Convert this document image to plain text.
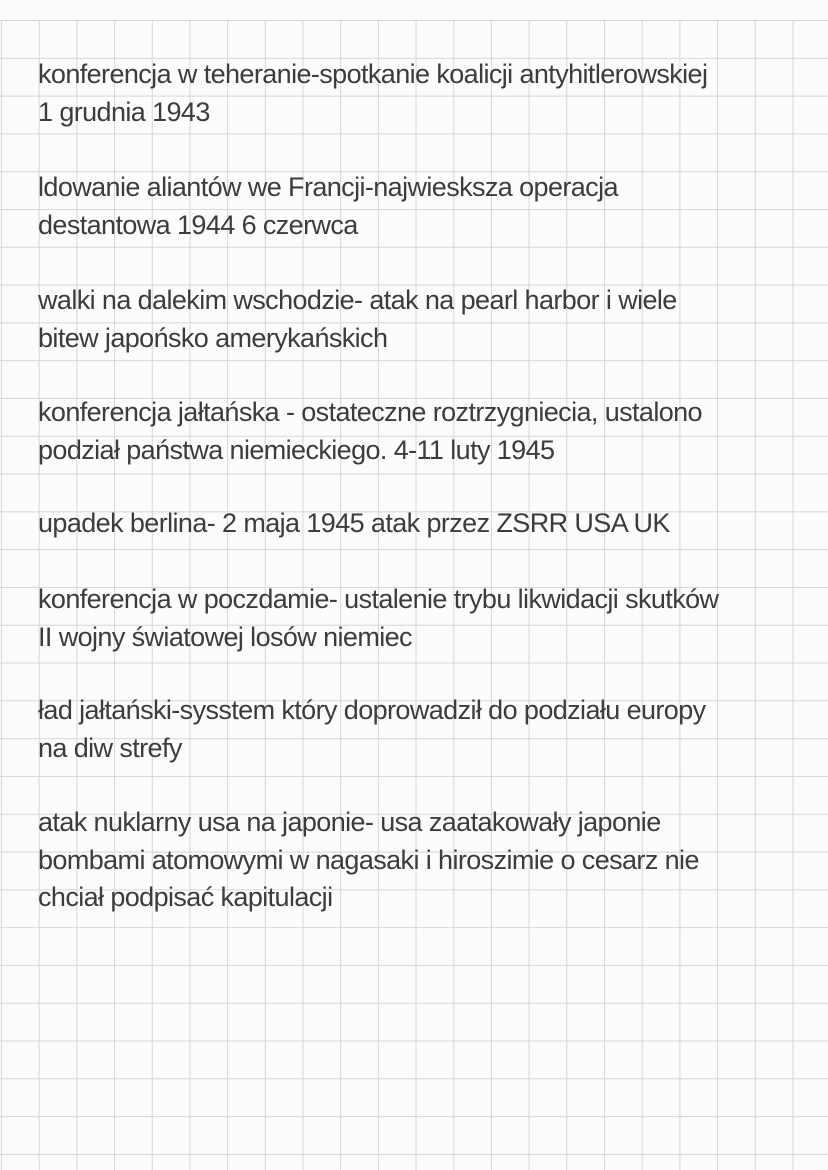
konferencja w teheranie-spotkanie koalicji antyhitlerowskiej
1 grudnia 1943
ldowanie aliantów we Francji-najwiesksza operacja
destantowa 1944 6 czerwca
walki na dalekim wschodzie- atak na pearl harbor i wiele
bitew japońsko amerykańskich
konferencja jałtańska - ostateczne roztrzygniecia, ustalono
podział państwa niemieckiego. 4-11 luty 1945
upadek berlina- 2 maja 1945 atak przez ZSRR USA UK
konferencja w poczdamie- ustalenie trybu likwidacji skutków
II wojny światowej losów niemiec
ład jałtański-sysstem który doprowadził do podziału europy
na diw strefy
atak nuklarny usa na japonie- usa zaatakowały japonie
bombami atomowymi w nagasaki i hiroszimie o cesarz nie
chciał podpisać kapitulacji
